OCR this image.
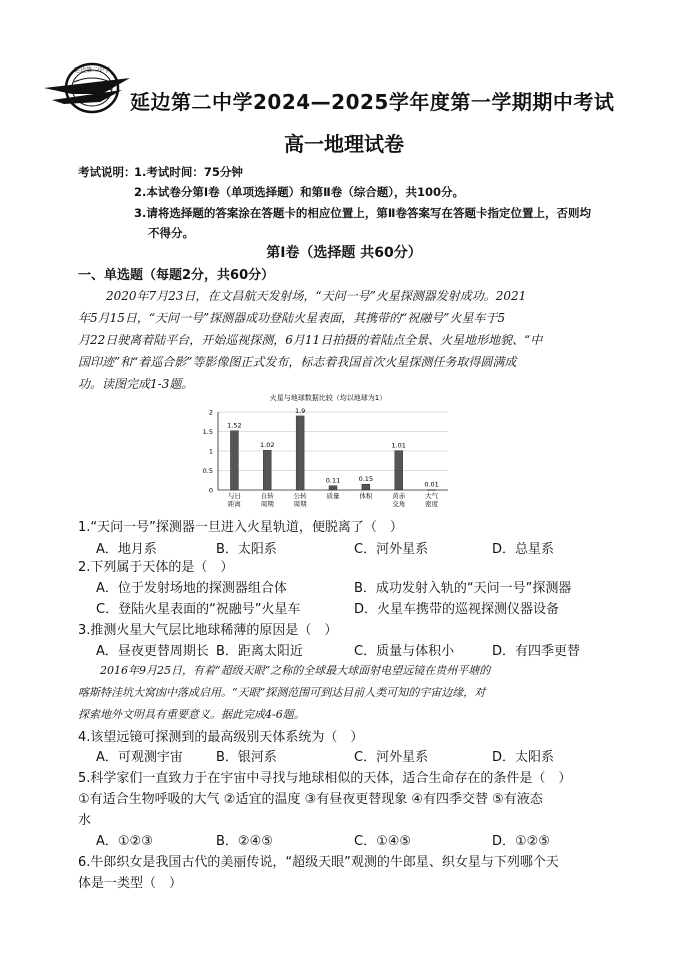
延边第二中学
延边第二中学2024—2025学年度第一学期期中考试
高一地理试卷
考试说明：
1.考试时间：75分钟
2.本试卷分第Ⅰ卷（单项选择题）和第Ⅱ卷（综合题），共100分。
3.请将选择题的答案涂在答题卡的相应位置上，第Ⅱ卷答案写在答题卡指定位置上，否则均
不得分。
第Ⅰ卷（选择题 共60分）
一、单选题（每题2分，共60分）
2020年7月23日，在文昌航天发射场，“天问一号”火星探测器发射成功。2021
年5月15日，“天问一号”探测器成功登陆火星表面，其携带的“祝融号”火星车于5
月22日驶离着陆平台，开始巡视探测，6月11日拍摄的着陆点全景、火星地形地貌、“中
国印迹”和“着巡合影”等影像图正式发布，标志着我国首次火星探测任务取得圆满成
功。读图完成1-3题。
火星与地球数据比较（均以地球为1）
0
0.5
1
1.5
2
1.52
与日
距离
1.02
自转
周期
1.9
公转
周期
0.11
质量
0.15
体积
1.01
黄赤
交角
0.01
大气
密度
1.“天问一号”探测器一旦进入火星轨道，便脱离了（　）
A．地月系	B．太阳系	C．河外星系	D．总星系
2.下列属于天体的是（　）
A．位于发射场地的探测器组合体	B．成功发射入轨的“天问一号”探测器
C．登陆火星表面的“祝融号”火星车	D．火星车携带的巡视探测仪器设备
3.推测火星大气层比地球稀薄的原因是（　）
A．昼夜更替周期长 B．距离太阳近	C．质量与体积小	D．有四季更替
2016年9月25日，有着“超级天眼”之称的全球最大球面射电望远镜在贵州平塘的
喀斯特洼坑大窝凼中落成启用。“天眼”探测范围可到达目前人类可知的宇宙边缘，对
探索地外文明具有重要意义。据此完成4-6题。
4.该望远镜可探测到的最高级别天体系统为（　）
A．可观测宇宙	B．银河系	C．河外星系	D．太阳系
5.科学家们一直致力于在宇宙中寻找与地球相似的天体，适合生命存在的条件是（　）
①有适合生物呼吸的大气 ②适宜的温度 ③有昼夜更替现象 ④有四季交替 ⑤有液态
水
A．①②③	B．②④⑤	C．①④⑤	D．①②⑤
6.牛郎织女是我国古代的美丽传说，“超级天眼”观测的牛郎星、织女星与下列哪个天
体是一类型（　）
